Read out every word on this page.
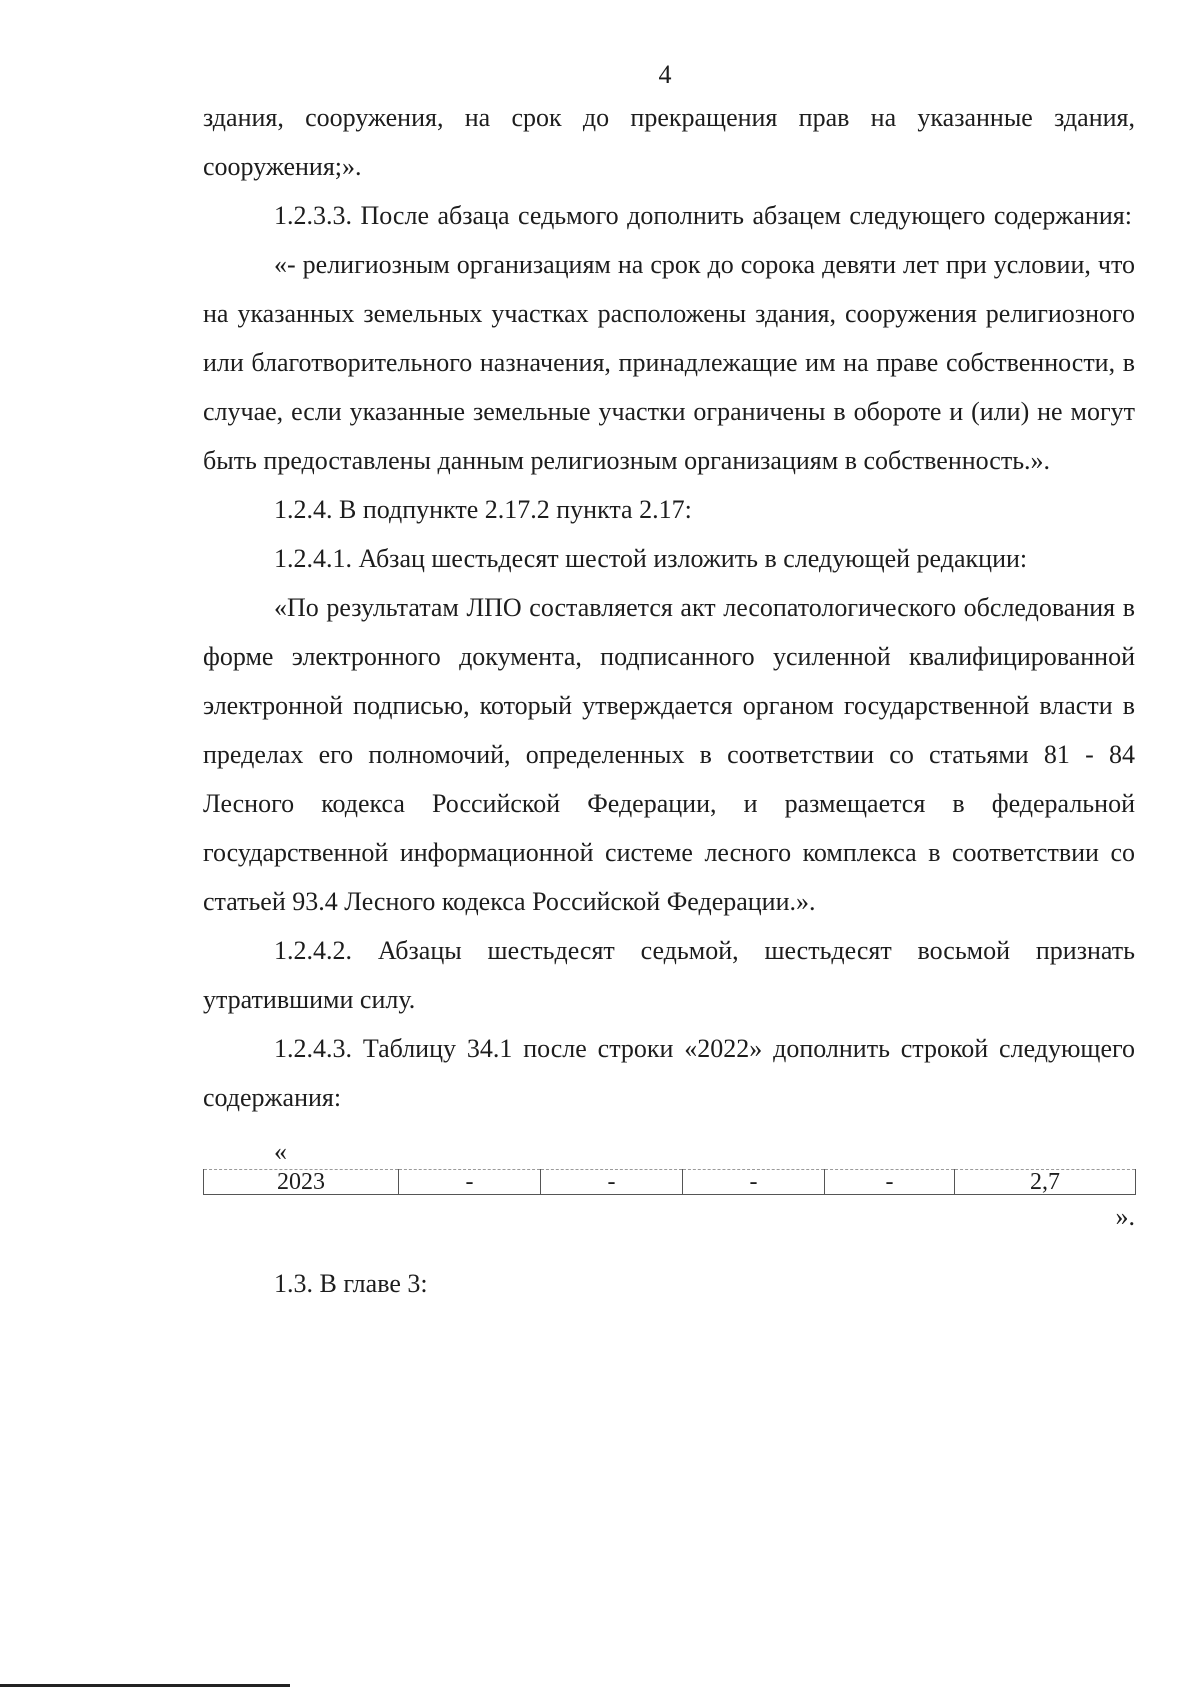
4

здания, сооружения, на срок до прекращения прав на указанные здания, сооружения;».

1.2.3.3. После абзаца седьмого дополнить абзацем следующего содержания:

«- религиозным организациям на срок до сорока девяти лет при условии, что на указанных земельных участках расположены здания, сооружения религиозного или благотворительного назначения, принадлежащие им на праве собственности, в случае, если указанные земельные участки ограничены в обороте и (или) не могут быть предоставлены данным религиозным организациям в собственность.».

1.2.4. В подпункте 2.17.2 пункта 2.17:

1.2.4.1. Абзац шестьдесят шестой изложить в следующей редакции:

«По результатам ЛПО составляется акт лесопатологического обследования в форме электронного документа, подписанного усиленной квалифицированной электронной подписью, который утверждается органом государственной власти в пределах его полномочий, определенных в соответствии со статьями 81 - 84 Лесного кодекса Российской Федерации, и размещается в федеральной государственной информационной системе лесного комплекса в соответствии со статьей 93.4 Лесного кодекса Российской Федерации.».

1.2.4.2. Абзацы шестьдесят седьмой, шестьдесят восьмой признать утратившими силу.

1.2.4.3. Таблицу 34.1 после строки «2022» дополнить строкой следующего содержания:

«
2023	-	-	-	-	2,7
».

1.3. В главе 3:
